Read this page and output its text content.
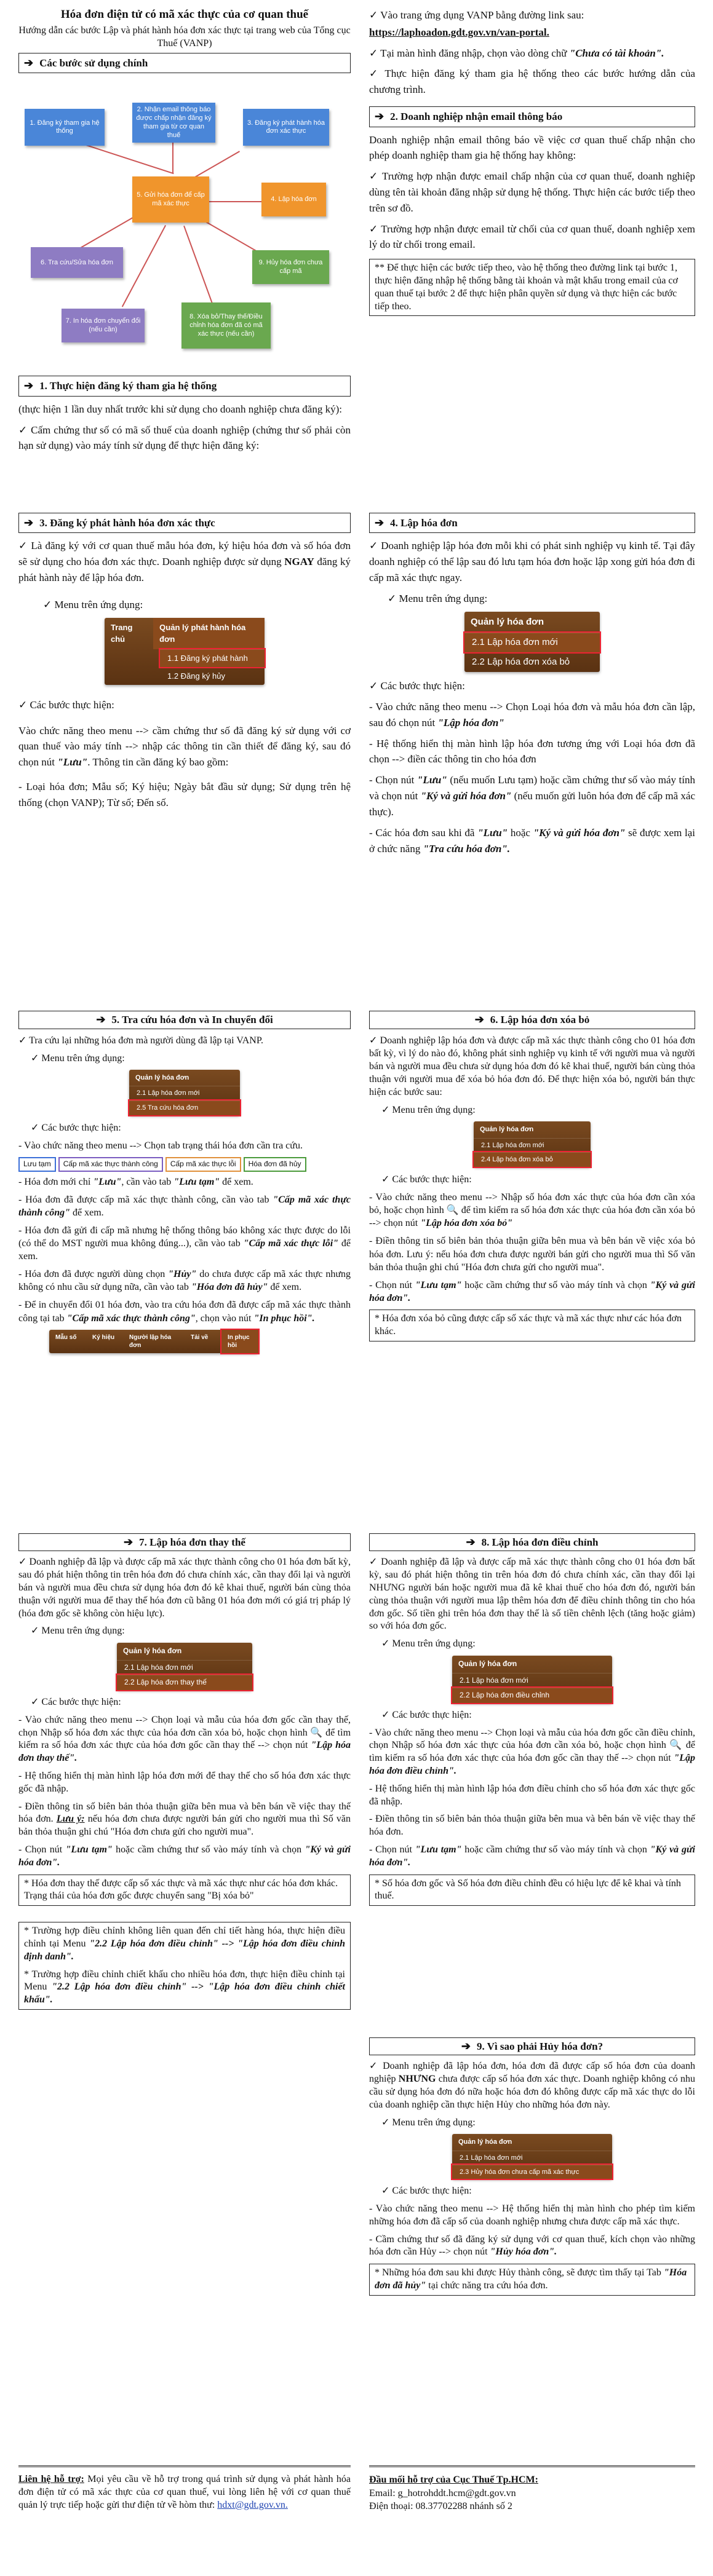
Hóa đơn điện tử có mã xác thực của cơ quan thuế
Hướng dẫn các bước Lập và phát hành hóa đơn xác thực tại trang web của Tổng cục Thuế (VANP)
➔ Các bước sử dụng chính
1. Đăng ký tham gia hệ thống
2. Nhận email thông báo được chấp nhận đăng ký tham gia từ cơ quan thuế
3. Đăng ký phát hành hóa đơn xác thực
5. Gửi hóa đơn để cấp mã xác thực
4. Lập hóa đơn
6. Tra cứu/Sửa hóa đơn	9. Hủy hóa đơn chưa cấp mã
7. In hóa đơn chuyển đổi (nếu cần)
8. Xóa bỏ/Thay thế/Điều chỉnh hóa đơn đã có mã xác thực (nếu cần)
➔ 1. Thực hiện đăng ký tham gia hệ thống

(thực hiện 1 lần duy nhất trước khi sử dụng cho doanh nghiệp chưa đăng ký):

✓ Cấm chứng thư số có mã số thuế của doanh nghiệp (chứng thư số phải còn hạn sử dụng) vào máy tính sử dụng để thực hiện đăng ký:

✓ Vào trang ứng dụng VANP bằng đường link sau:

https://laphoadon.gdt.gov.vn/van-portal.

✓ Tại màn hình đăng nhập, chọn vào dòng chữ "Chưa có tài khoản".

✓ Thực hiện đăng ký tham gia hệ thống theo các bước hướng dẫn của chương trình.

➔ 2. Doanh nghiệp nhận email thông báo

Doanh nghiệp nhận email thông báo về việc cơ quan thuế chấp nhận cho phép doanh nghiệp tham gia hệ thống hay không:

✓ Trường hợp nhận được email chấp nhận của cơ quan thuế, doanh nghiệp dùng tên tài khoản đăng nhập sử dụng hệ thống. Thực hiện các bước tiếp theo trên sơ đồ.

✓ Trường hợp nhận được email từ chối của cơ quan thuế, doanh nghiệp xem lý do từ chối trong email.

** Để thực hiện các bước tiếp theo, vào hệ thống theo đường link tại bước 1, thực hiện đăng nhập hệ thống bằng tài khoản và mật khẩu trong email của cơ quan thuế tại bước 2 để thực hiện phân quyền sử dụng và thực hiện các bước tiếp theo.
➔ 3. Đăng ký phát hành hóa đơn xác thực

✓ Là đăng ký với cơ quan thuế mẫu hóa đơn, ký hiệu hóa đơn và số hóa đơn sẽ sử dụng cho hóa đơn xác thực. Doanh nghiệp được sử dụng NGAY đăng ký phát hành này để lập hóa đơn.

✓ Menu trên ứng dụng:

Trang chủ
Quản lý phát hành hóa đơn
1.1 Đăng ký phát hành
1.2 Đăng ký hủy

✓ Các bước thực hiện:

Vào chức năng theo menu --> cầm chứng thư số đã đăng ký sử dụng với cơ quan thuế vào máy tính --> nhập các thông tin cần thiết để đăng ký, sau đó chọn nút "Lưu". Thông tin cần đăng ký bao gồm:

- Loại hóa đơn; Mẫu số; Ký hiệu; Ngày bắt đầu sử dụng; Sử dụng trên hệ thống (chọn VANP); Từ số; Đến số.

➔ 4. Lập hóa đơn

✓ Doanh nghiệp lập hóa đơn mỗi khi có phát sinh nghiệp vụ kinh tế. Tại đây doanh nghiệp có thể lập sau đó lưu tạm hóa đơn hoặc lập xong gửi hóa đơn đi cấp mã xác thực ngay.

✓ Menu trên ứng dụng:

Quản lý hóa đơn
2.1 Lập hóa đơn mới
2.2 Lập hóa đơn xóa bỏ

✓ Các bước thực hiện:

- Vào chức năng theo menu --> Chọn Loại hóa đơn và mẫu hóa đơn cần lập, sau đó chọn nút "Lập hóa đơn"

- Hệ thống hiển thị màn hình lập hóa đơn tương ứng với Loại hóa đơn đã chọn --> điền các thông tin cho hóa đơn

- Chọn nút "Lưu" (nếu muốn Lưu tạm) hoặc cầm chứng thư số vào máy tính và chọn nút "Ký và gửi hóa đơn" (nếu muốn gửi luôn hóa đơn để cấp mã xác thực).

- Các hóa đơn sau khi đã "Lưu" hoặc "Ký và gửi hóa đơn" sẽ được xem lại ở chức năng "Tra cứu hóa đơn".

➔ 5. Tra cứu hóa đơn và In chuyển đổi

✓ Tra cứu lại những hóa đơn mà người dùng đã lập tại VANP.

✓ Menu trên ứng dụng:

Quản lý hóa đơn
2.1 Lập hóa đơn mới
2.5 Tra cứu hóa đơn

✓ Các bước thực hiện:

- Vào chức năng theo menu --> Chọn tab trạng thái hóa đơn cần tra cứu.

Lưu tạm	Cấp mã xác thực thành công	Cấp mã xác thực lỗi	Hóa đơn đã hủy

- Hóa đơn mới chỉ "Lưu", cần vào tab "Lưu tạm" để xem.

- Hóa đơn đã được cấp mã xác thực thành công, cần vào tab "Cấp mã xác thực thành công" để xem.

- Hóa đơn đã gửi đi cấp mã nhưng hệ thống thông báo không xác thực được do lỗi (có thể do MST người mua không đúng...), cần vào tab "Cấp mã xác thực lỗi" để xem.

- Hóa đơn đã được người dùng chọn "Hủy" do chưa được cấp mã xác thực nhưng không có nhu cầu sử dụng nữa, cần vào tab "Hóa đơn đã hủy" để xem.

- Để in chuyển đổi 01 hóa đơn, vào tra cứu hóa đơn đã được cấp mã xác thực thành công tại tab "Cấp mã xác thực thành công", chọn vào nút "In phục hồi".

Mẫu số	Ký hiệu	Người lập hóa đơn
Tải về	In phục hồi
➔ 6. Lập hóa đơn xóa bỏ

✓ Doanh nghiệp lập hóa đơn và được cấp mã xác thực thành công cho 01 hóa đơn bất kỳ, vì lý do nào đó, không phát sinh nghiệp vụ kinh tế với người mua và người bán và người mua đều chưa sử dụng hóa đơn đó kê khai thuế, người bán cùng thỏa thuận với người mua để xóa bỏ hóa đơn đó. Để thực hiện xóa bỏ, người bán thực hiện các bước sau:

✓ Menu trên ứng dụng:

Quản lý hóa đơn
2.1 Lập hóa đơn mới
2.4 Lập hóa đơn xóa bỏ

✓ Các bước thực hiện:

- Vào chức năng theo menu --> Nhập số hóa đơn xác thực của hóa đơn cần xóa bỏ, hoặc chọn hình 🔍 để tìm kiếm ra số hóa đơn xác thực của hóa đơn cần xóa bỏ --> chọn nút "Lập hóa đơn xóa bỏ"

- Điền thông tin số biên bản thỏa thuận giữa bên mua và bên bán về việc xóa bỏ hóa đơn. Lưu ý: nếu hóa đơn chưa được người bán gửi cho người mua thì Số văn bản thỏa thuận ghi chú "Hóa đơn chưa gửi cho người mua".

- Chọn nút "Lưu tạm" hoặc cầm chứng thư số vào máy tính và chọn "Ký và gửi hóa đơn".

* Hóa đơn xóa bỏ cũng được cấp số xác thực và mã xác thực như các hóa đơn khác.
➔ 7. Lập hóa đơn thay thế

✓ Doanh nghiệp đã lập và được cấp mã xác thực thành công cho 01 hóa đơn bất kỳ, sau đó phát hiện thông tin trên hóa đơn đó chưa chính xác, cần thay đổi lại và người bán và người mua đều chưa sử dụng hóa đơn đó kê khai thuế, người bán cùng thỏa thuận với người mua để thay thế hóa đơn cũ bằng 01 hóa đơn mới có giá trị pháp lý (hóa đơn gốc sẽ không còn hiệu lực).

✓ Menu trên ứng dụng:

Quản lý hóa đơn
2.1 Lập hóa đơn mới
2.2 Lập hóa đơn thay thế

✓ Các bước thực hiện:

- Vào chức năng theo menu --> Chọn loại và mẫu của hóa đơn gốc cần thay thế, chọn Nhập số hóa đơn xác thực của hóa đơn cần xóa bỏ, hoặc chọn hình 🔍 để tìm kiếm ra số hóa đơn xác thực của hóa đơn gốc cần thay thế --> chọn nút "Lập hóa đơn thay thế".

- Hệ thống hiển thị màn hình lập hóa đơn mới để thay thế cho số hóa đơn xác thực gốc đã nhập.

- Điền thông tin số biên bản thỏa thuận giữa bên mua và bên bán về việc thay thế hóa đơn. Lưu ý: nếu hóa đơn chưa được người bán gửi cho người mua thì Số văn bản thỏa thuận ghi chú "Hóa đơn chưa gửi cho người mua".

- Chọn nút "Lưu tạm" hoặc cầm chứng thư số vào máy tính và chọn "Ký và gửi hóa đơn".

* Hóa đơn thay thế được cấp số xác thực và mã xác thực như các hóa đơn khác. Trạng thái của hóa đơn gốc được chuyển sang "Bị xóa bỏ"

* Trường hợp điều chỉnh không liên quan đến chỉ tiết hàng hóa, thực hiện điều chỉnh tại Menu "2.2 Lập hóa đơn điều chỉnh" --> "Lập hóa đơn điều chỉnh định danh".

* Trường hợp điều chỉnh chiết khấu cho nhiều hóa đơn, thực hiện điều chỉnh tại Menu "2.2 Lập hóa đơn điều chỉnh" --> "Lập hóa đơn điều chỉnh chiết khấu".

➔ 8. Lập hóa đơn điều chỉnh

✓ Doanh nghiệp đã lập và được cấp mã xác thực thành công cho 01 hóa đơn bất kỳ, sau đó phát hiện thông tin trên hóa đơn đó chưa chính xác, cần thay đổi lại NHƯNG người bán hoặc người mua đã kê khai thuế cho hóa đơn đó, người bán cùng thỏa thuận với người mua lập thêm hóa đơn để điều chỉnh thông tin cho hóa đơn gốc. Số tiền ghi trên hóa đơn thay thế là số tiền chênh lệch (tăng hoặc giảm) so với hóa đơn gốc.

✓ Menu trên ứng dụng:

Quản lý hóa đơn
2.1 Lập hóa đơn mới
2.2 Lập hóa đơn điều chỉnh

✓ Các bước thực hiện:

- Vào chức năng theo menu --> Chọn loại và mẫu của hóa đơn gốc cần điều chỉnh, chọn Nhập số hóa đơn xác thực của hóa đơn cần xóa bỏ, hoặc chọn hình 🔍 để tìm kiếm ra số hóa đơn xác thực của hóa đơn gốc cần thay thế --> chọn nút "Lập hóa đơn điều chỉnh".

- Hệ thống hiển thị màn hình lập hóa đơn điều chỉnh cho số hóa đơn xác thực gốc đã nhập.

- Điền thông tin số biên bản thỏa thuận giữa bên mua và bên bán về việc thay thế hóa đơn.

- Chọn nút "Lưu tạm" hoặc cầm chứng thư số vào máy tính và chọn "Ký và gửi hóa đơn".

* Số hóa đơn gốc và Số hóa đơn điều chỉnh đều có hiệu lực để kê khai và tính thuế.
➔ 9. Vì sao phải Hủy hóa đơn?

✓ Doanh nghiệp đã lập hóa đơn, hóa đơn đã được cấp số hóa đơn của doanh nghiệp NHƯNG chưa được cấp số hóa đơn xác thực. Doanh nghiệp không có nhu cầu sử dụng hóa đơn đó nữa hoặc hóa đơn đó không được cấp mã xác thực do lỗi của doanh nghiệp cần thực hiện Hủy cho những hóa đơn này.

✓ Menu trên ứng dụng:

Quản lý hóa đơn
2.1 Lập hóa đơn mới
2.3 Hủy hóa đơn chưa cấp mã xác thực

✓ Các bước thực hiện:

- Vào chức năng theo menu --> Hệ thống hiển thị màn hình cho phép tìm kiếm những hóa đơn đã cấp số của doanh nghiệp nhưng chưa được cấp mã xác thực.

- Cầm chứng thư số đã đăng ký sử dụng với cơ quan thuế, kích chọn vào những hóa đơn cần Hủy --> chọn nút "Hủy hóa đơn".

* Những hóa đơn sau khi được Hủy thành công, sẽ được tìm thấy tại Tab "Hóa đơn đã hủy" tại chức năng tra cứu hóa đơn.

Liên hệ hỗ trợ: Mọi yêu cầu về hỗ trợ trong quá trình sử dụng và phát hành hóa đơn điện tử có mã xác thực của cơ quan thuế, vui lòng liên hệ với cơ quan thuế quản lý trực tiếp hoặc gửi thư điện tử về hòm thư: hdxt@gdt.gov.vn.

Đầu mối hỗ trợ của Cục Thuế Tp.HCM:

Email: g_hotrohddt.hcm@gdt.gov.vn

Điện thoại: 08.37702288 nhánh số 2
